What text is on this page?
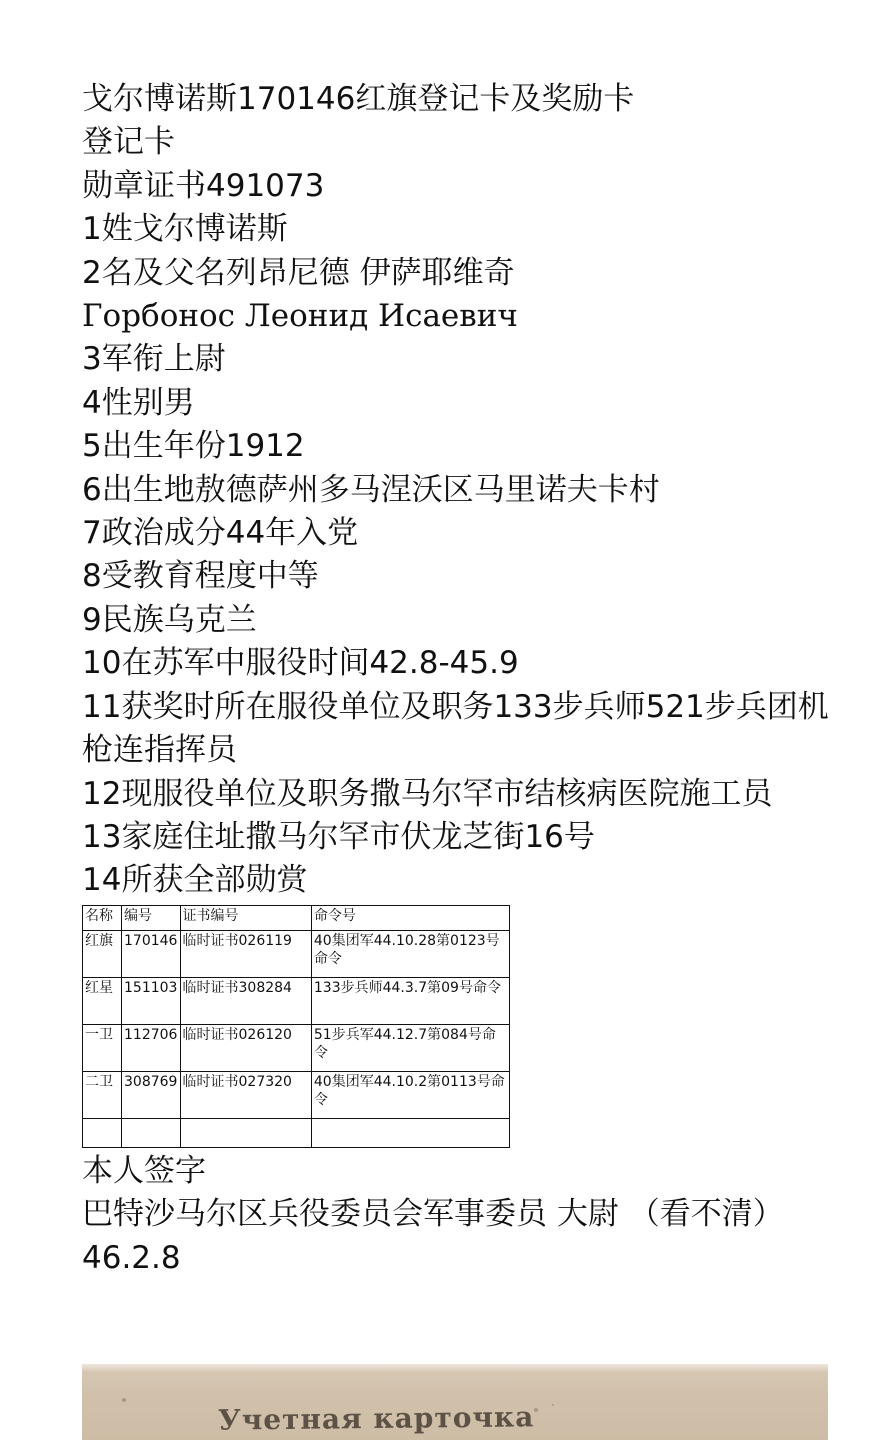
戈尔博诺斯170146红旗登记卡及奖励卡

登记卡

勋章证书491073

1姓戈尔博诺斯

2名及父名列昂尼德 伊萨耶维奇

Горбонос Леонид Исаевич

3军衔上尉

4性别男

5出生年份1912

6出生地敖德萨州多马涅沃区马里诺夫卡村

7政治成分44年入党

8受教育程度中等

9民族乌克兰

10在苏军中服役时间42.8-45.9

11获奖时所在服役单位及职务133步兵师521步兵团机枪连指挥员

12现服役单位及职务撒马尔罕市结核病医院施工员

13家庭住址撒马尔罕市伏龙芝街16号

14所获全部勋赏

名称	编号	证书编号	命令号
红旗	170146	临时证书026119	40集团军44.10.28第0123号命令
红星	151103	临时证书308284	133步兵师44.3.7第09号命令
一卫	112706	临时证书026120	51步兵军44.12.7第084号命令
二卫	308769	临时证书027320	40集团军44.10.2第0113号命令

本人签字

巴特沙马尔区兵役委员会军事委员 大尉 （看不清）

46.2.8

Учетная карточка
